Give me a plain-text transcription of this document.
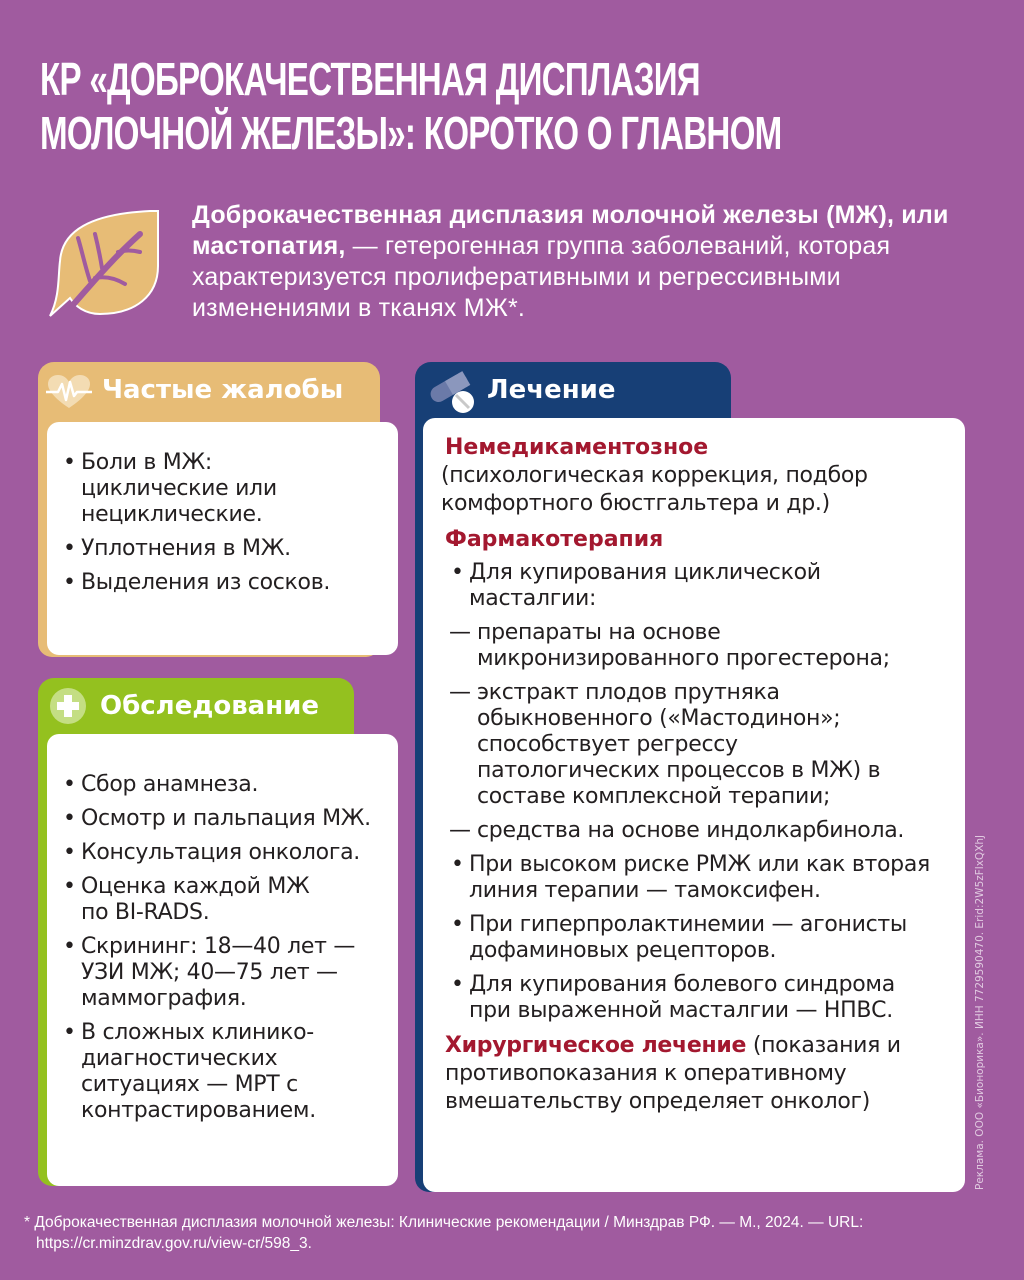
КР «ДОБРОКАЧЕСТВЕННАЯ ДИСПЛАЗИЯ
МОЛОЧНОЙ ЖЕЛЕЗЫ»: КОРОТКО О ГЛАВНОМ
Доброкачественная дисплазия молочной железы (МЖ), или мастопатия, — гетерогенная группа заболеваний, которая характеризуется пролиферативными и регрессивными изменениями в тканях МЖ*.
Частые жалобы
• Боли в МЖ: циклические или нециклические.
• Уплотнения в МЖ.
• Выделения из сосков.
Обследование
• Сбор анамнеза.
• Осмотр и пальпация МЖ.
• Консультация онколога.
• Оценка каждой МЖ по BI-RADS.
• Скрининг: 18—40 лет — УЗИ МЖ; 40—75 лет — маммография.
• В сложных клинико-диагностических ситуациях — МРТ с контрастированием.
Лечение
Немедикаментозное
(психологическая коррекция, подбор комфортного бюстгальтера и др.)
Фармакотерапия
• Для купирования циклической масталгии:
— препараты на основе микронизированного прогестерона;
— экстракт плодов прутняка обыкновенного («Мастодинон»; способствует регрессу патологических процессов в МЖ) в составе комплексной терапии;
— средства на основе индолкарбинола.
• При высоком риске РМЖ или как вторая линия терапии — тамоксифен.
• При гиперпролактинемии — агонисты дофаминовых рецепторов.
• Для купирования болевого синдрома при выраженной масталгии — НПВС.
Хирургическое лечение (показания и противопоказания к оперативному вмешательству определяет онколог)	Реклама. ООО «Бионорика». ИНН 7729590470. Erid:2W5zFlxQXhJ
* Доброкачественная дисплазия молочной железы: Клинические рекомендации / Минздрав РФ. — М., 2024. — URL:
https://cr.minzdrav.gov.ru/view-cr/598_3.
